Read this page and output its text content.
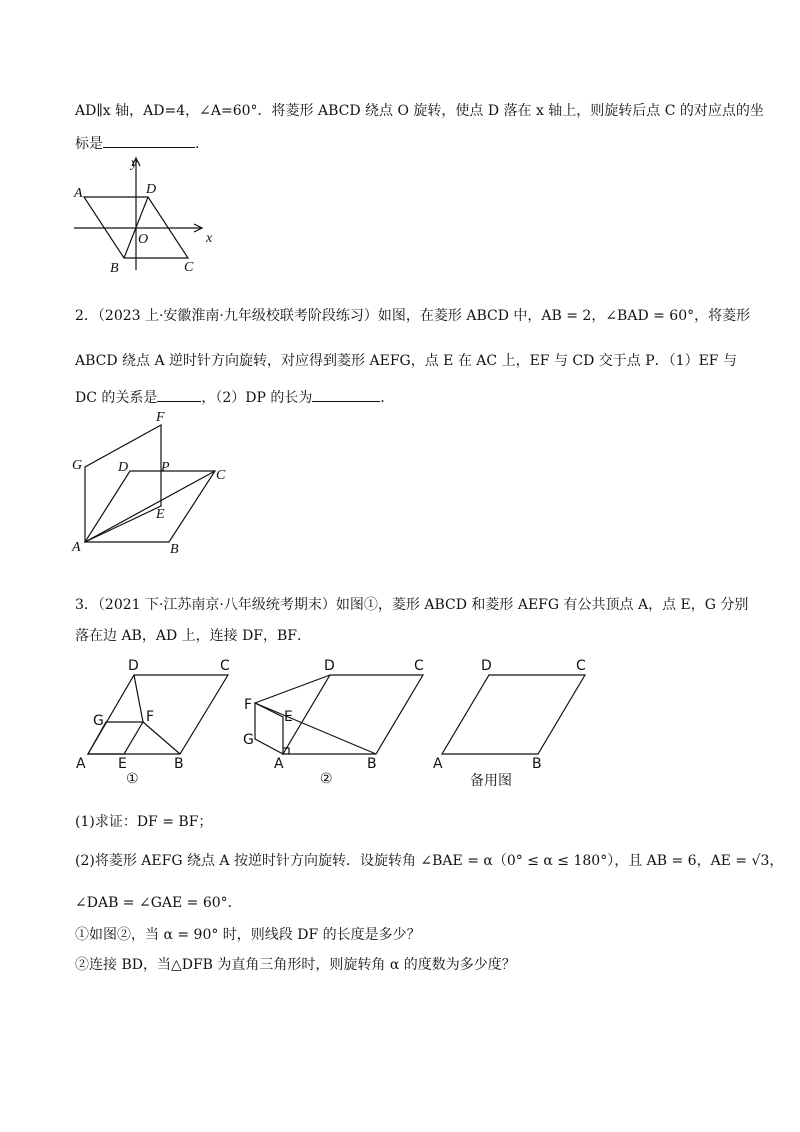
AD∥x 轴，AD=4，∠A=60°．将菱形 ABCD 绕点 O 旋转，使点 D 落在 x 轴上，则旋转后点 C 的对应点的坐
标是	．
y
x
A	D
O
B	C
2．（2023 上·安徽淮南·九年级校联考阶段练习）如图，在菱形 ABCD 中，AB = 2，∠BAD = 60°，将菱形
ABCD 绕点 A 逆时针方向旋转，对应得到菱形 AEFG，点 E 在 AC 上，EF 与 CD 交于点 P．（1）EF 与
DC 的关系是	，（2）DP 的长为	．
F
G	D P
C
E
A	B
3．（2021 下·江苏南京·八年级统考期末）如图①，菱形 ABCD 和菱形 AEFG 有公共顶点 A，点 E，G 分别
落在边 AB，AD 上，连接 DF，BF．
D	C
G	F
A E	B
①
D	C
F
E
G
A	B
②
D	C
A	B
备用图
(1)求证：DF = BF；
(2)将菱形 AEFG 绕点 A 按逆时针方向旋转．设旋转角 ∠BAE = α（0° ≤ α ≤ 180°），且 AB = 6，AE = √3，
∠DAB = ∠GAE = 60°．
①如图②，当 α = 90° 时，则线段 DF 的长度是多少？
②连接 BD，当△DFB 为直角三角形时，则旋转角 α 的度数为多少度？
